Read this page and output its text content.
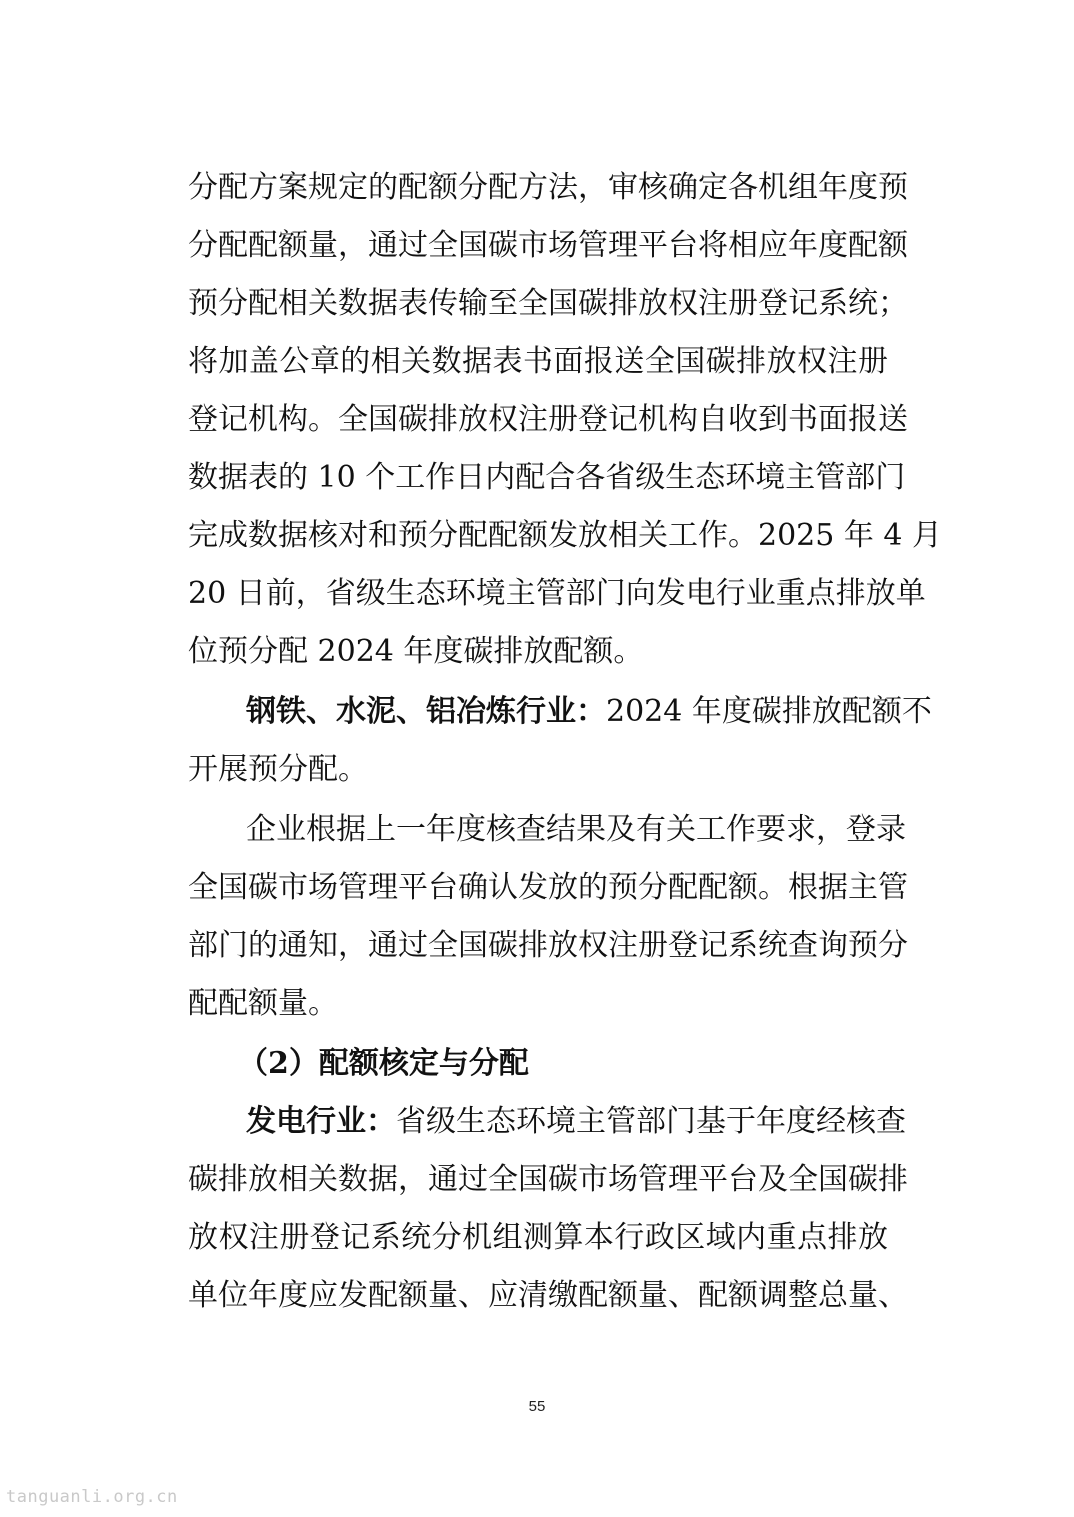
分配方案规定的配额分配方法，审核确定各机组年度预
分配配额量，通过全国碳市场管理平台将相应年度配额
预分配相关数据表传输至全国碳排放权注册登记系统；
将加盖公章的相关数据表书面报送全国碳排放权注册
登记机构。全国碳排放权注册登记机构自收到书面报送
数据表的 10 个工作日内配合各省级生态环境主管部门
完成数据核对和预分配配额发放相关工作。2025 年 4 月
20 日前，省级生态环境主管部门向发电行业重点排放单
位预分配 2024 年度碳排放配额。
钢铁、水泥、铝冶炼行业：2024 年度碳排放配额不
开展预分配。
企业根据上一年度核查结果及有关工作要求，登录
全国碳市场管理平台确认发放的预分配配额。根据主管
部门的通知，通过全国碳排放权注册登记系统查询预分
配配额量。
（2）配额核定与分配
发电行业：省级生态环境主管部门基于年度经核查
碳排放相关数据，通过全国碳市场管理平台及全国碳排
放权注册登记系统分机组测算本行政区域内重点排放
单位年度应发配额量、应清缴配额量、配额调整总量、
55
tanguanli.org.cn
